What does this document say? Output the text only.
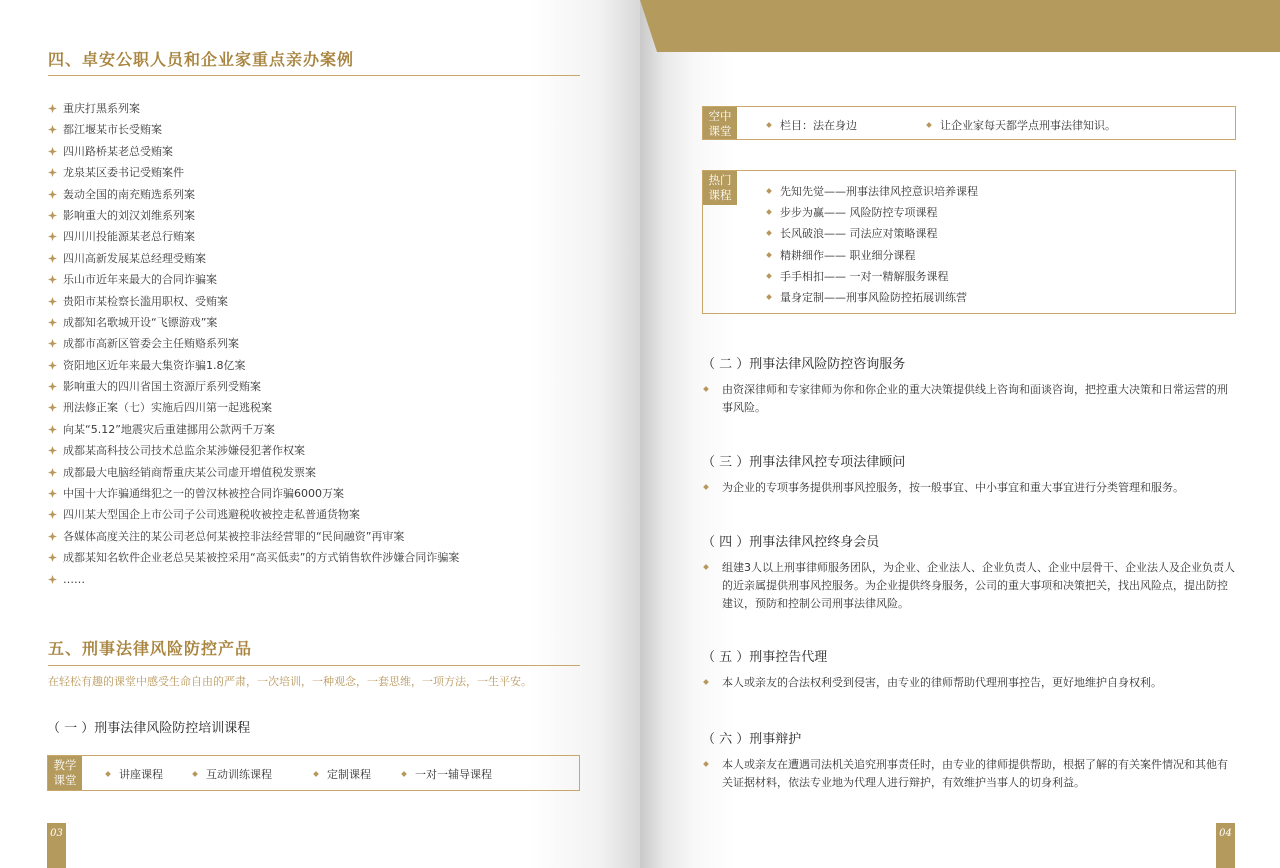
四、卓安公职人员和企业家重点亲办案例
重庆打黑系列案
都江堰某市长受贿案
四川路桥某老总受贿案
龙泉某区委书记受贿案件
轰动全国的南充贿选系列案
影响重大的刘汉刘维系列案
四川川投能源某老总行贿案
四川高新发展某总经理受贿案
乐山市近年来最大的合同诈骗案
贵阳市某检察长滥用职权、受贿案
成都知名歌城开设“飞镖游戏”案
成都市高新区管委会主任贿赂系列案
资阳地区近年来最大集资诈骗1.8亿案
影响重大的四川省国土资源厅系列受贿案
刑法修正案（七）实施后四川第一起逃税案
向某“5.12”地震灾后重建挪用公款两千万案
成都某高科技公司技术总监余某涉嫌侵犯著作权案
成都最大电脑经销商帮重庆某公司虚开增值税发票案
中国十大诈骗通缉犯之一的曾汉林被控合同诈骗6000万案
四川某大型国企上市公司子公司逃避税收被控走私普通货物案
各媒体高度关注的某公司老总何某被控非法经营罪的“民间融资”再审案
成都某知名软件企业老总吴某被控采用“高买低卖”的方式销售软件涉嫌合同诈骗案
……
五、刑事法律风险防控产品
在轻松有趣的课堂中感受生命自由的严肃，一次培训，一种观念，一套思维，一项方法，一生平安。
（ 一 ）刑事法律风险防控培训课程
教学课堂	讲座课程	互动训练课程	定制课程	一对一辅导课程
03
空中课堂	栏目：法在身边	让企业家每天都学点刑事法律知识。
热门课程	先知先觉——刑事法律风控意识培养课程
步步为赢—— 风险防控专项课程
长风破浪—— 司法应对策略课程
精耕细作—— 职业细分课程
手手相扣—— 一对一精解服务课程
量身定制——刑事风险防控拓展训练营
（ 二 ）刑事法律风险防控咨询服务
由资深律师和专家律师为你和你企业的重大决策提供线上咨询和面谈咨询，把控重大决策和日常运营的刑事风险。
（ 三 ）刑事法律风控专项法律顾问
为企业的专项事务提供刑事风控服务，按一般事宜、中小事宜和重大事宜进行分类管理和服务。
（ 四 ）刑事法律风控终身会员
组建3人以上刑事律师服务团队，为企业、企业法人、企业负责人、企业中层骨干、企业法人及企业负责人的近亲属提供刑事风控服务。为企业提供终身服务，公司的重大事项和决策把关，找出风险点，提出防控建议，预防和控制公司刑事法律风险。
（ 五 ）刑事控告代理
本人或亲友的合法权利受到侵害，由专业的律师帮助代理刑事控告，更好地维护自身权利。
（ 六 ）刑事辩护
本人或亲友在遭遇司法机关追究刑事责任时，由专业的律师提供帮助，根据了解的有关案件情况和其他有关证据材料，依法专业地为代理人进行辩护，有效维护当事人的切身利益。
04
